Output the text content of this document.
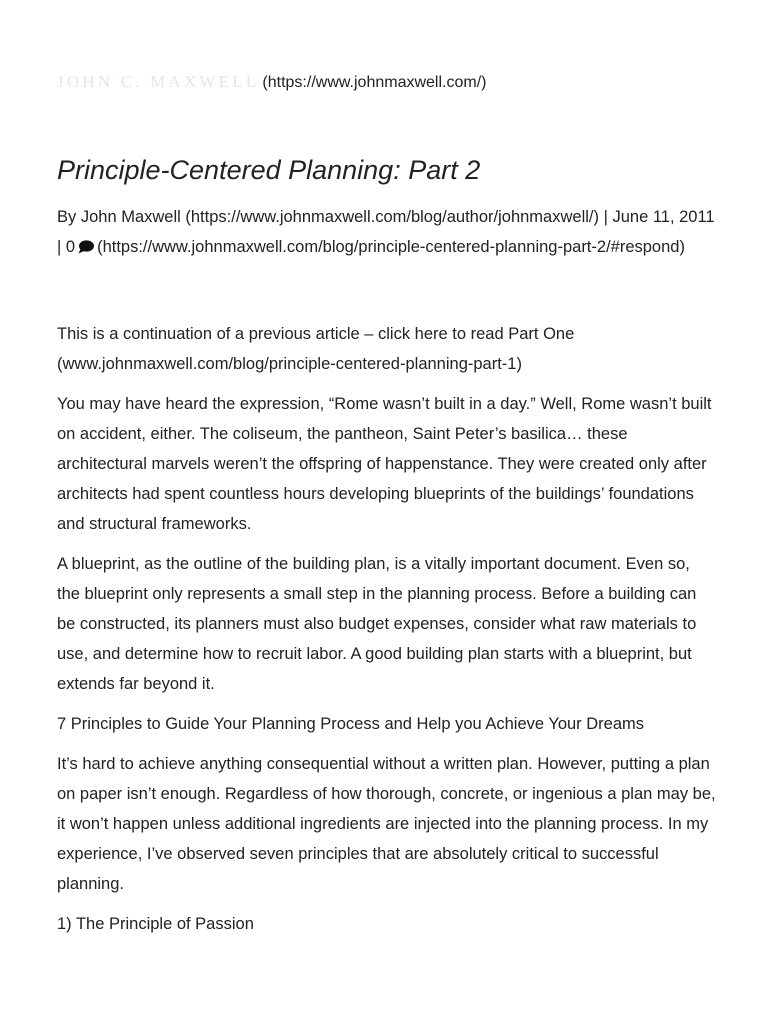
JOHN C. MAXWELL (https://www.johnmaxwell.com/)
Principle-Centered Planning: Part 2
By John Maxwell (https://www.johnmaxwell.com/blog/author/johnmaxwell/) | June 11, 2011 | 0 (https://www.johnmaxwell.com/blog/principle-centered-planning-part-2/#respond)

This is a continuation of a previous article – click here to read Part One (www.johnmaxwell.com/blog/principle-centered-planning-part-1)

You may have heard the expression, “Rome wasn’t built in a day.” Well, Rome wasn’t built on accident, either. The coliseum, the pantheon, Saint Peter’s basilica… these architectural marvels weren’t the offspring of happenstance. They were created only after architects had spent countless hours developing blueprints of the buildings’ foundations and structural frameworks.

A blueprint, as the outline of the building plan, is a vitally important document. Even so, the blueprint only represents a small step in the planning process. Before a building can be constructed, its planners must also budget expenses, consider what raw materials to use, and determine how to recruit labor. A good building plan starts with a blueprint, but extends far beyond it.

7 Principles to Guide Your Planning Process and Help you Achieve Your Dreams

It’s hard to achieve anything consequential without a written plan. However, putting a plan on paper isn’t enough. Regardless of how thorough, concrete, or ingenious a plan may be, it won’t happen unless additional ingredients are injected into the planning process. In my experience, I’ve observed seven principles that are absolutely critical to successful planning.

1) The Principle of Passion
